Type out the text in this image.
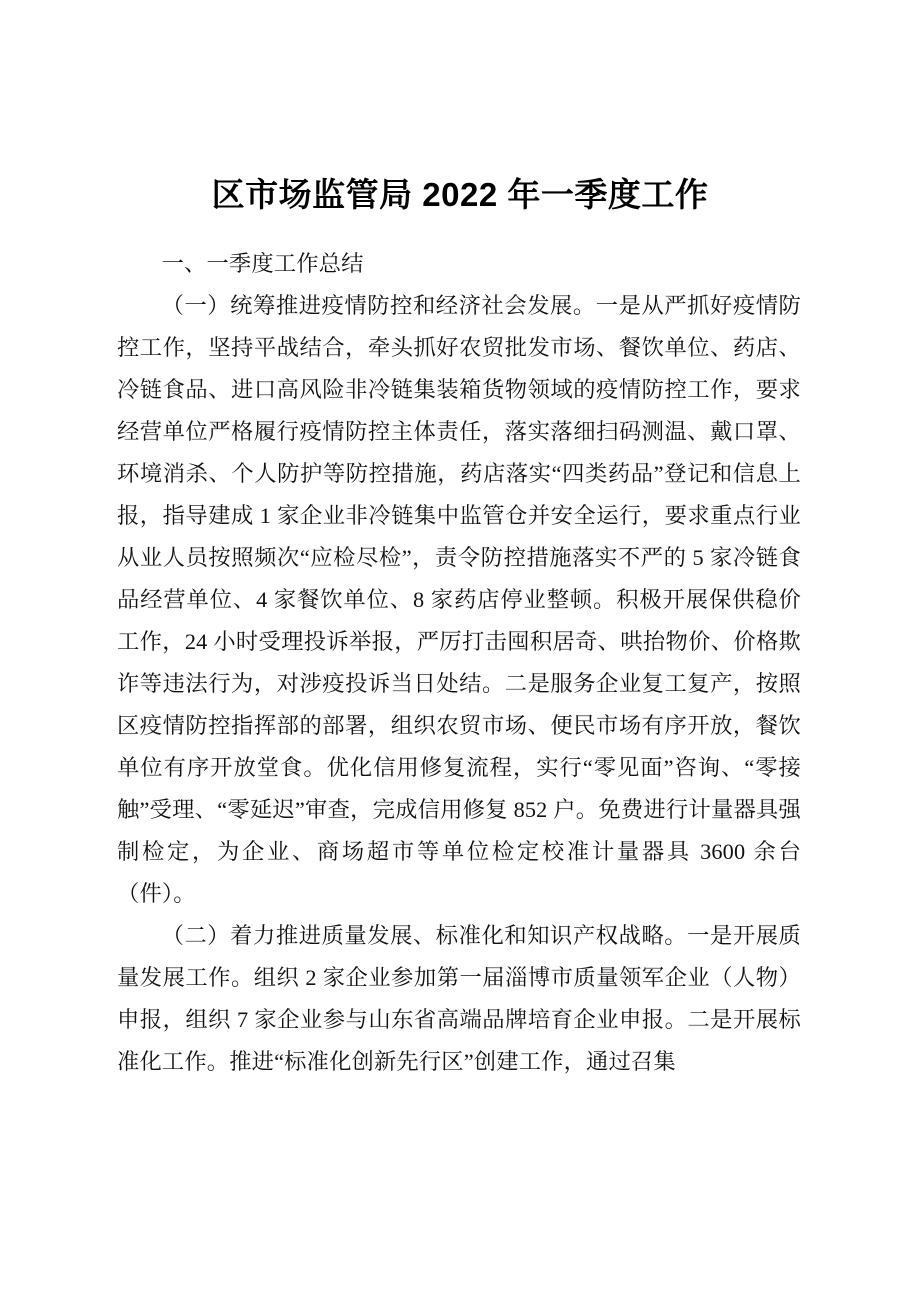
区市场监管局 2022 年一季度工作

一、一季度工作总结

（一）统筹推进疫情防控和经济社会发展。一是从严抓好疫情防控工作，坚持平战结合，牵头抓好农贸批发市场、餐饮单位、药店、冷链食品、进口高风险非冷链集装箱货物领域的疫情防控工作，要求经营单位严格履行疫情防控主体责任，落实落细扫码测温、戴口罩、环境消杀、个人防护等防控措施，药店落实“四类药品”登记和信息上报，指导建成 1 家企业非冷链集中监管仓并安全运行，要求重点行业从业人员按照频次“应检尽检”，责令防控措施落实不严的 5 家冷链食品经营单位、4 家餐饮单位、8 家药店停业整顿。积极开展保供稳价工作，24 小时受理投诉举报，严厉打击囤积居奇、哄抬物价、价格欺诈等违法行为，对涉疫投诉当日处结。二是服务企业复工复产，按照区疫情防控指挥部的部署，组织农贸市场、便民市场有序开放，餐饮单位有序开放堂食。优化信用修复流程，实行“零见面”咨询、“零接触”受理、“零延迟”审查，完成信用修复 852 户。免费进行计量器具强制检定，为企业、商场超市等单位检定校准计量器具 3600 余台（件）。

（二）着力推进质量发展、标准化和知识产权战略。一是开展质量发展工作。组织 2 家企业参加第一届淄博市质量领军企业（人物）申报，组织 7 家企业参与山东省高端品牌培育企业申报。二是开展标准化工作。推进“标准化创新先行区”创建工作，通过召集
